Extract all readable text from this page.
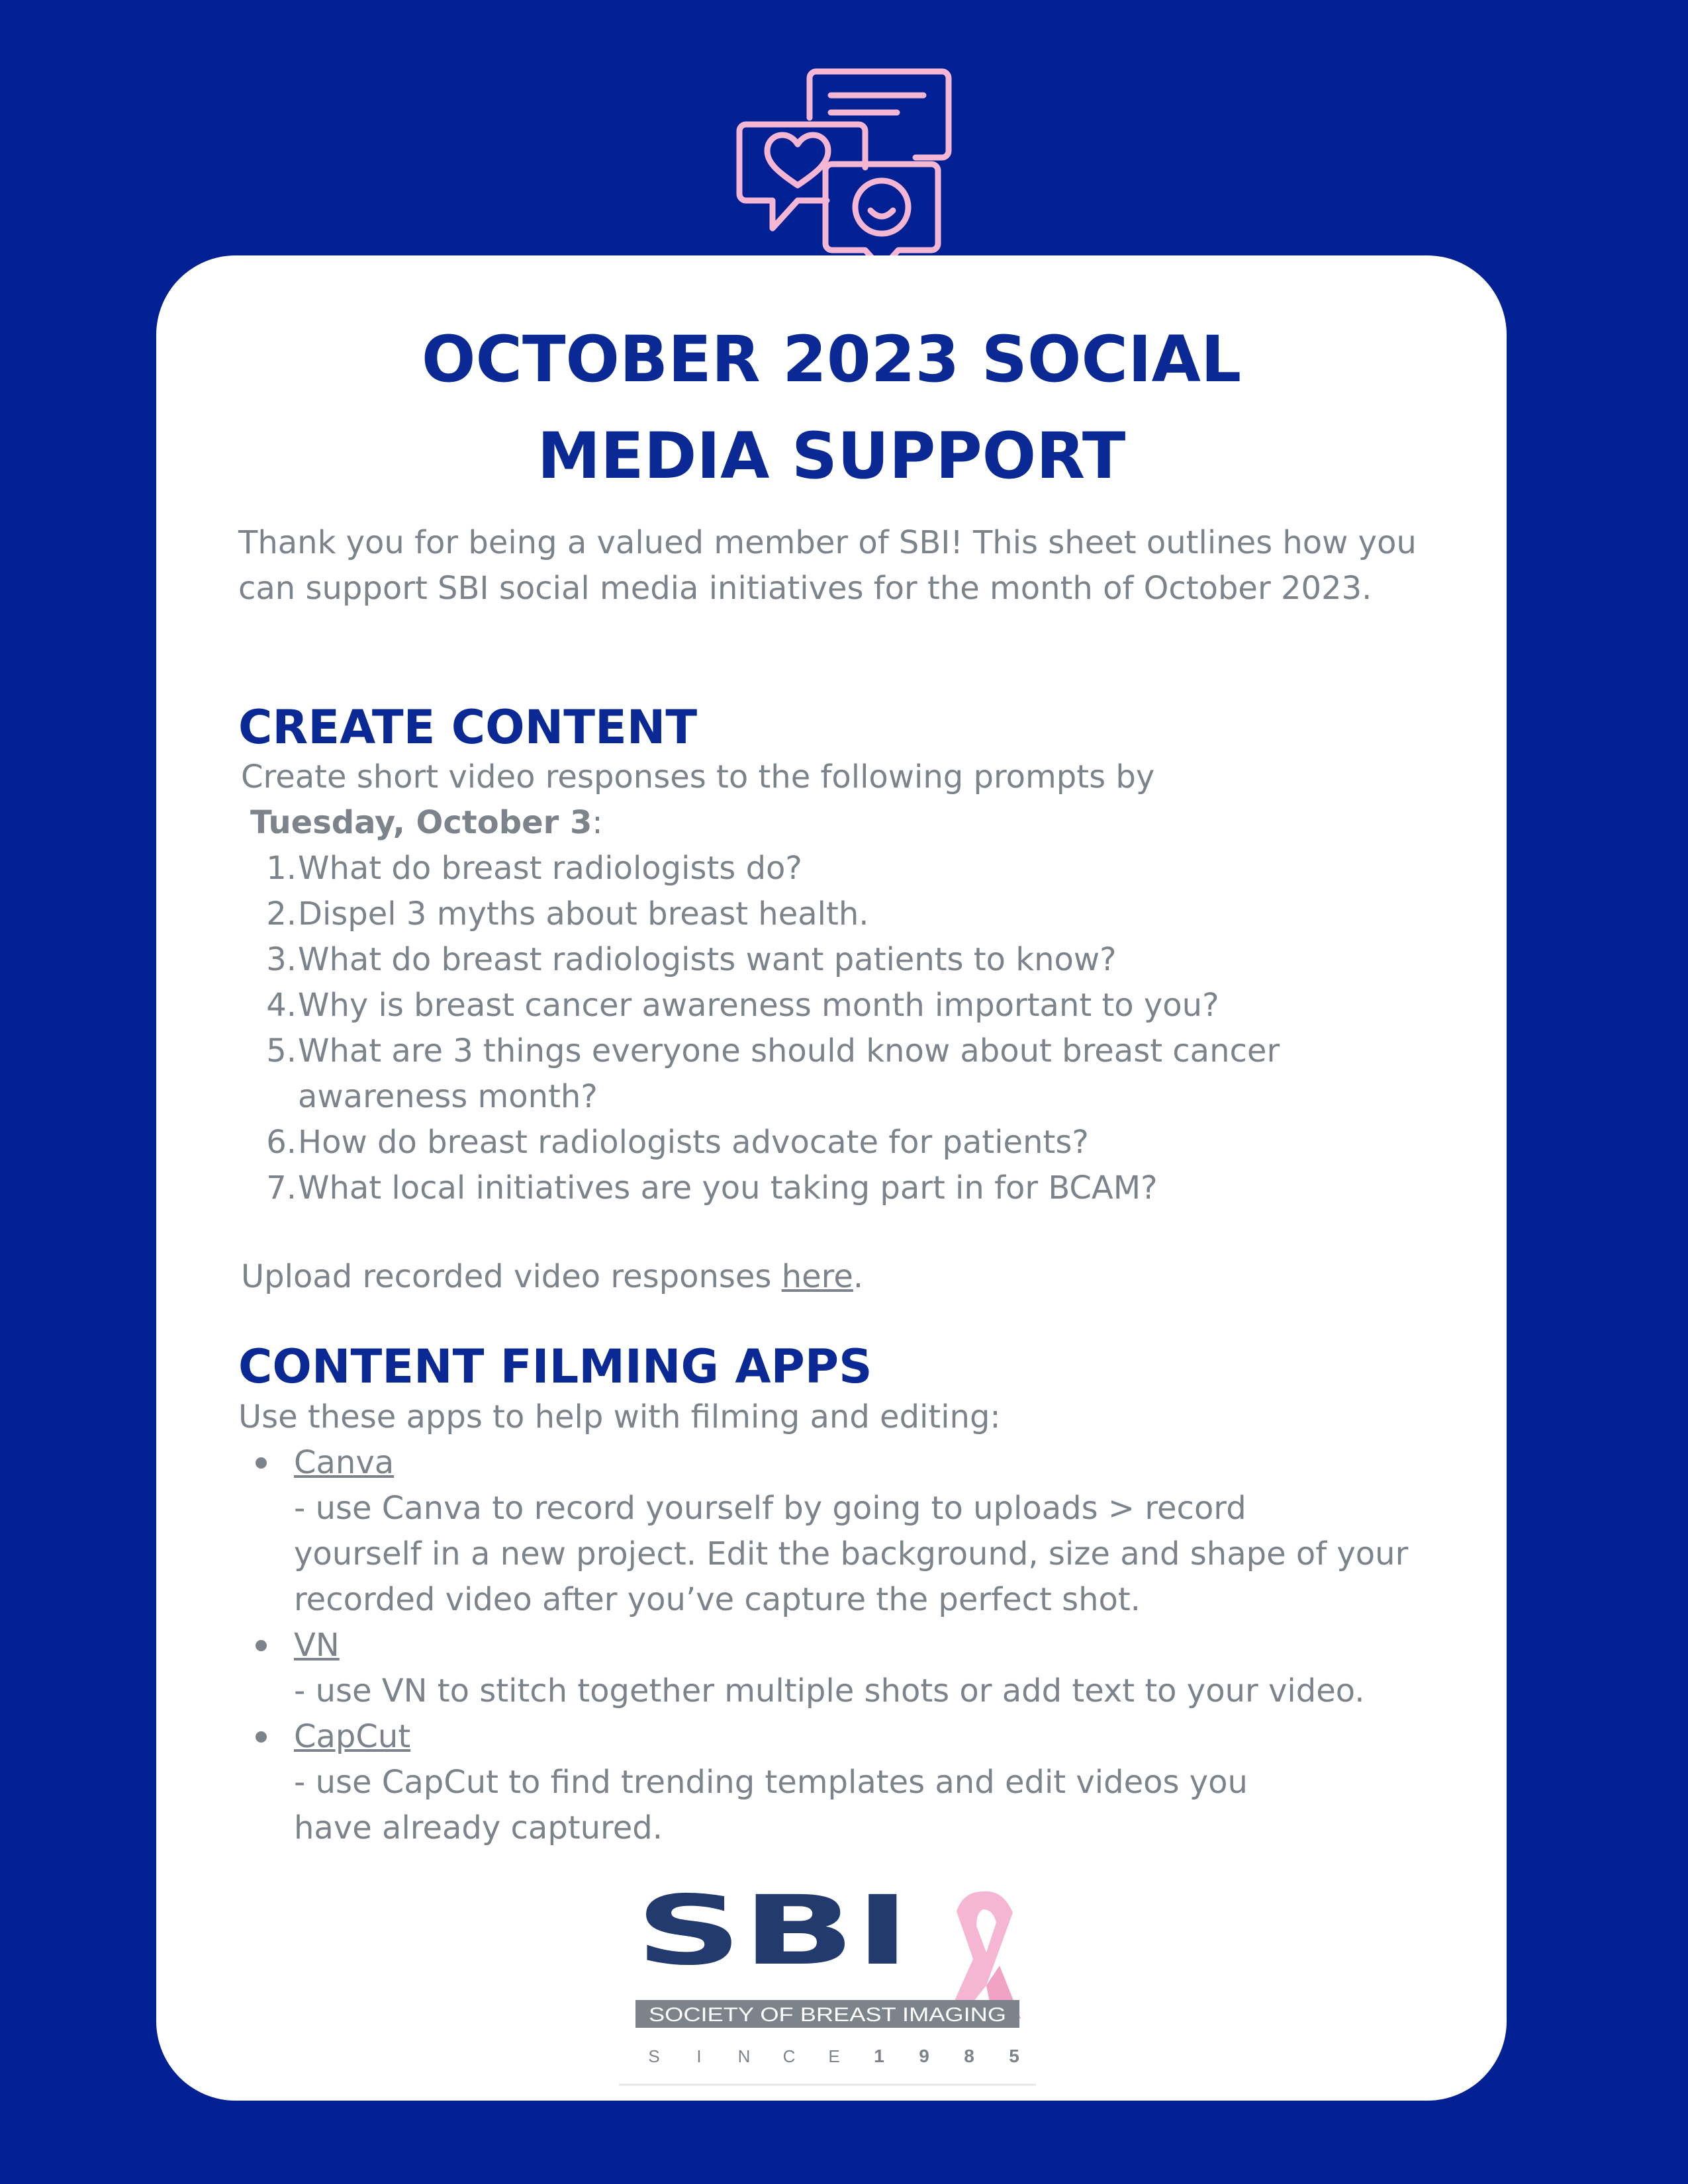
OCTOBER 2023 SOCIAL
MEDIA SUPPORT
Thank you for being a valued member of SBI! This sheet outlines how you
can support SBI social media initiatives for the month of October 2023.
CREATE CONTENT
Create short video responses to the following prompts by
Tuesday, October 3:
1. What do breast radiologists do?
2. Dispel 3 myths about breast health.
3. What do breast radiologists want patients to know?
4. Why is breast cancer awareness month important to you?
5. What are 3 things everyone should know about breast cancer
awareness month?
6. How do breast radiologists advocate for patients?
7. What local initiatives are you taking part in for BCAM?
Upload recorded video responses here.
CONTENT FILMING APPS
Use these apps to help with filming and editing:
Canva
- use Canva to record yourself by going to uploads > record
yourself in a new project. Edit the background, size and shape of your
recorded video after you’ve capture the perfect shot.
VN
- use VN to stitch together multiple shots or add text to your video.
CapCut
- use CapCut to find trending templates and edit videos you
have already captured.
SBI
SOCIETY OF BREAST IMAGING
S I N C E 1 9 8 5
